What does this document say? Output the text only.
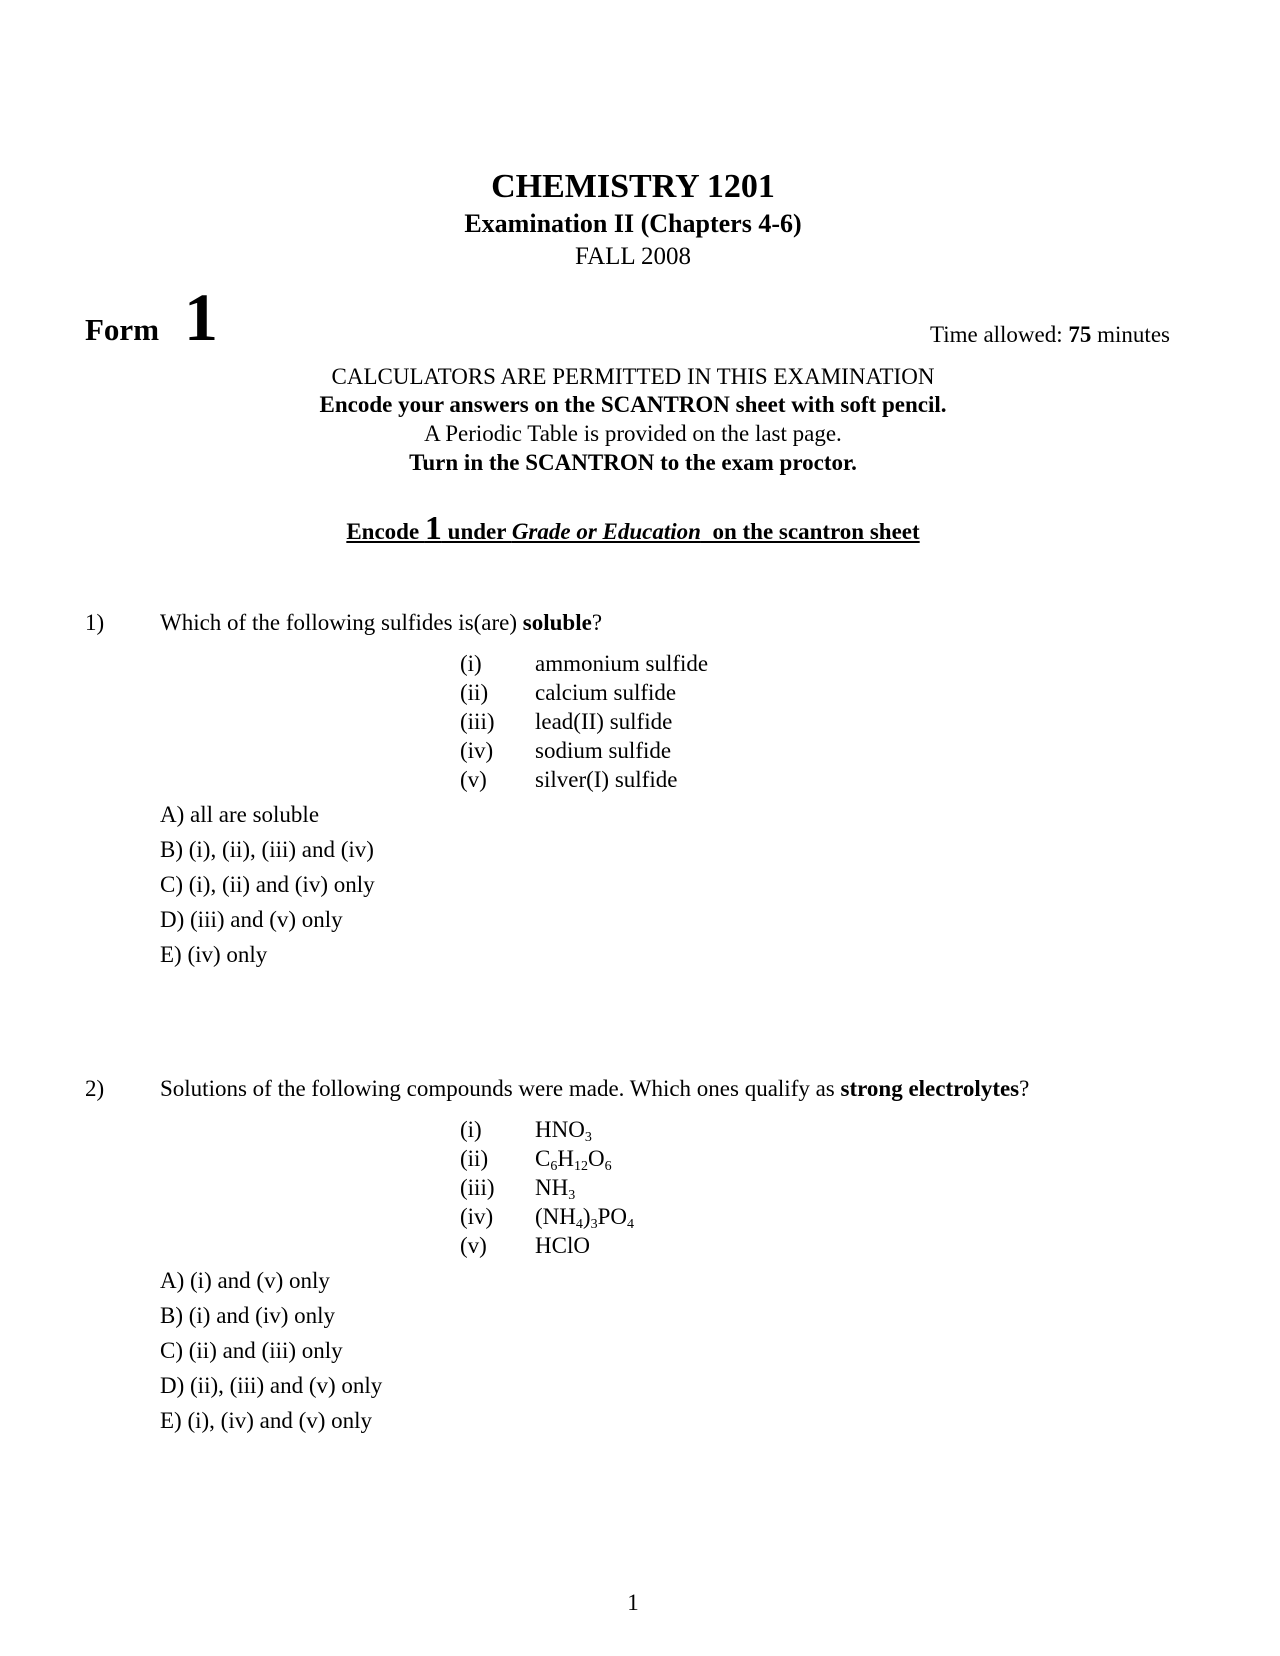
CHEMISTRY 1201
Examination II (Chapters 4-6)
FALL 2008
Form 1	Time allowed: 75 minutes
CALCULATORS ARE PERMITTED IN THIS EXAMINATION
Encode your answers on the SCANTRON sheet with soft pencil.
A Periodic Table is provided on the last page.
Turn in the SCANTRON to the exam proctor.
Encode 1 under Grade or Education  on the scantron sheet
1) Which of the following sulfides is(are) soluble?
(i) ammonium sulfide
(ii) calcium sulfide
(iii) lead(II) sulfide
(iv) sodium sulfide
(v) silver(I) sulfide
A) all are soluble
B) (i), (ii), (iii) and (iv)
C) (i), (ii) and (iv) only
D) (iii) and (v) only
E) (iv) only
2) Solutions of the following compounds were made. Which ones qualify as strong electrolytes?
(i) $HNO_3$
(ii) $C_6H_{12}O_6$
(iii) $NH_3$
(iv) $(NH_4)_3PO_4$
(v) HClO
A) (i) and (v) only
B) (i) and (iv) only
C) (ii) and (iii) only
D) (ii), (iii) and (v) only
E) (i), (iv) and (v) only
1
